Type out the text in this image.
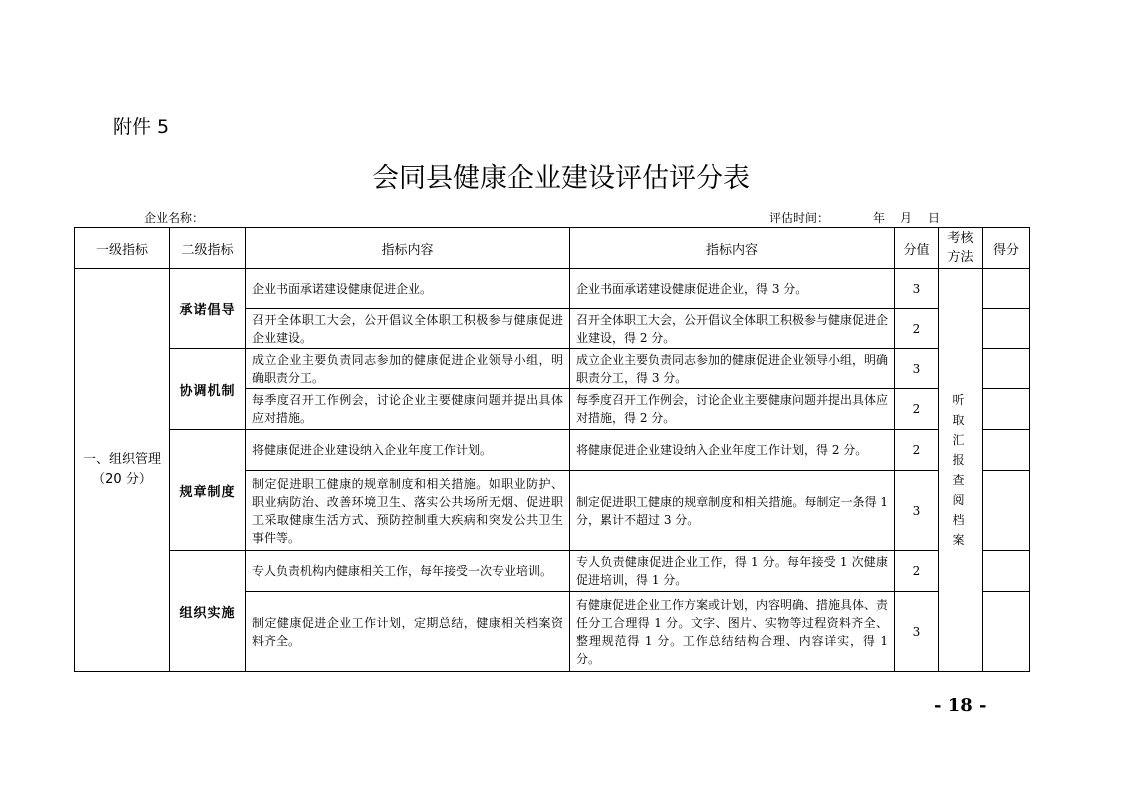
附件 5
会同县健康企业建设评估评分表
企业名称：	评估时间：	年 月 日
一级指标	二级指标	指标内容	指标内容	分值	考核方法	得分

一、组织管理
（20 分）	承诺倡导	企业书面承诺建设健康促进企业。	企业书面承诺建设健康促进企业，得 3 分。	3	听取汇报查阅档案	
		召开全体职工大会，公开倡议全体职工积极参与健康促进企业建设。	召开全体职工大会，公开倡议全体职工积极参与健康促进企业建设，得 2 分。	2		
	协调机制	成立企业主要负责同志参加的健康促进企业领导小组，明确职责分工。	成立企业主要负责同志参加的健康促进企业领导小组，明确职责分工，得 3 分。	3		
		每季度召开工作例会，讨论企业主要健康问题并提出具体应对措施。	每季度召开工作例会，讨论企业主要健康问题并提出具体应对措施，得 2 分。	2		
	规章制度	将健康促进企业建设纳入企业年度工作计划。	将健康促进企业建设纳入企业年度工作计划，得 2 分。	2		
		制定促进职工健康的规章制度和相关措施。如职业防护、职业病防治、改善环境卫生、落实公共场所无烟、促进职工采取健康生活方式、预防控制重大疾病和突发公共卫生事件等。	制定促进职工健康的规章制度和相关措施。每制定一条得 1 分，累计不超过 3 分。	3		
	组织实施	专人负责机构内健康相关工作，每年接受一次专业培训。	专人负责健康促进企业工作，得 1 分。每年接受 1 次健康促进培训，得 1 分。	2		
		制定健康促进企业工作计划，定期总结，健康相关档案资料齐全。	有健康促进企业工作方案或计划，内容明确、措施具体、责任分工合理得 1 分。文字、图片、实物等过程资料齐全、整理规范得 1 分。工作总结结构合理、内容详实，得 1 分。	3		
- 18 -
